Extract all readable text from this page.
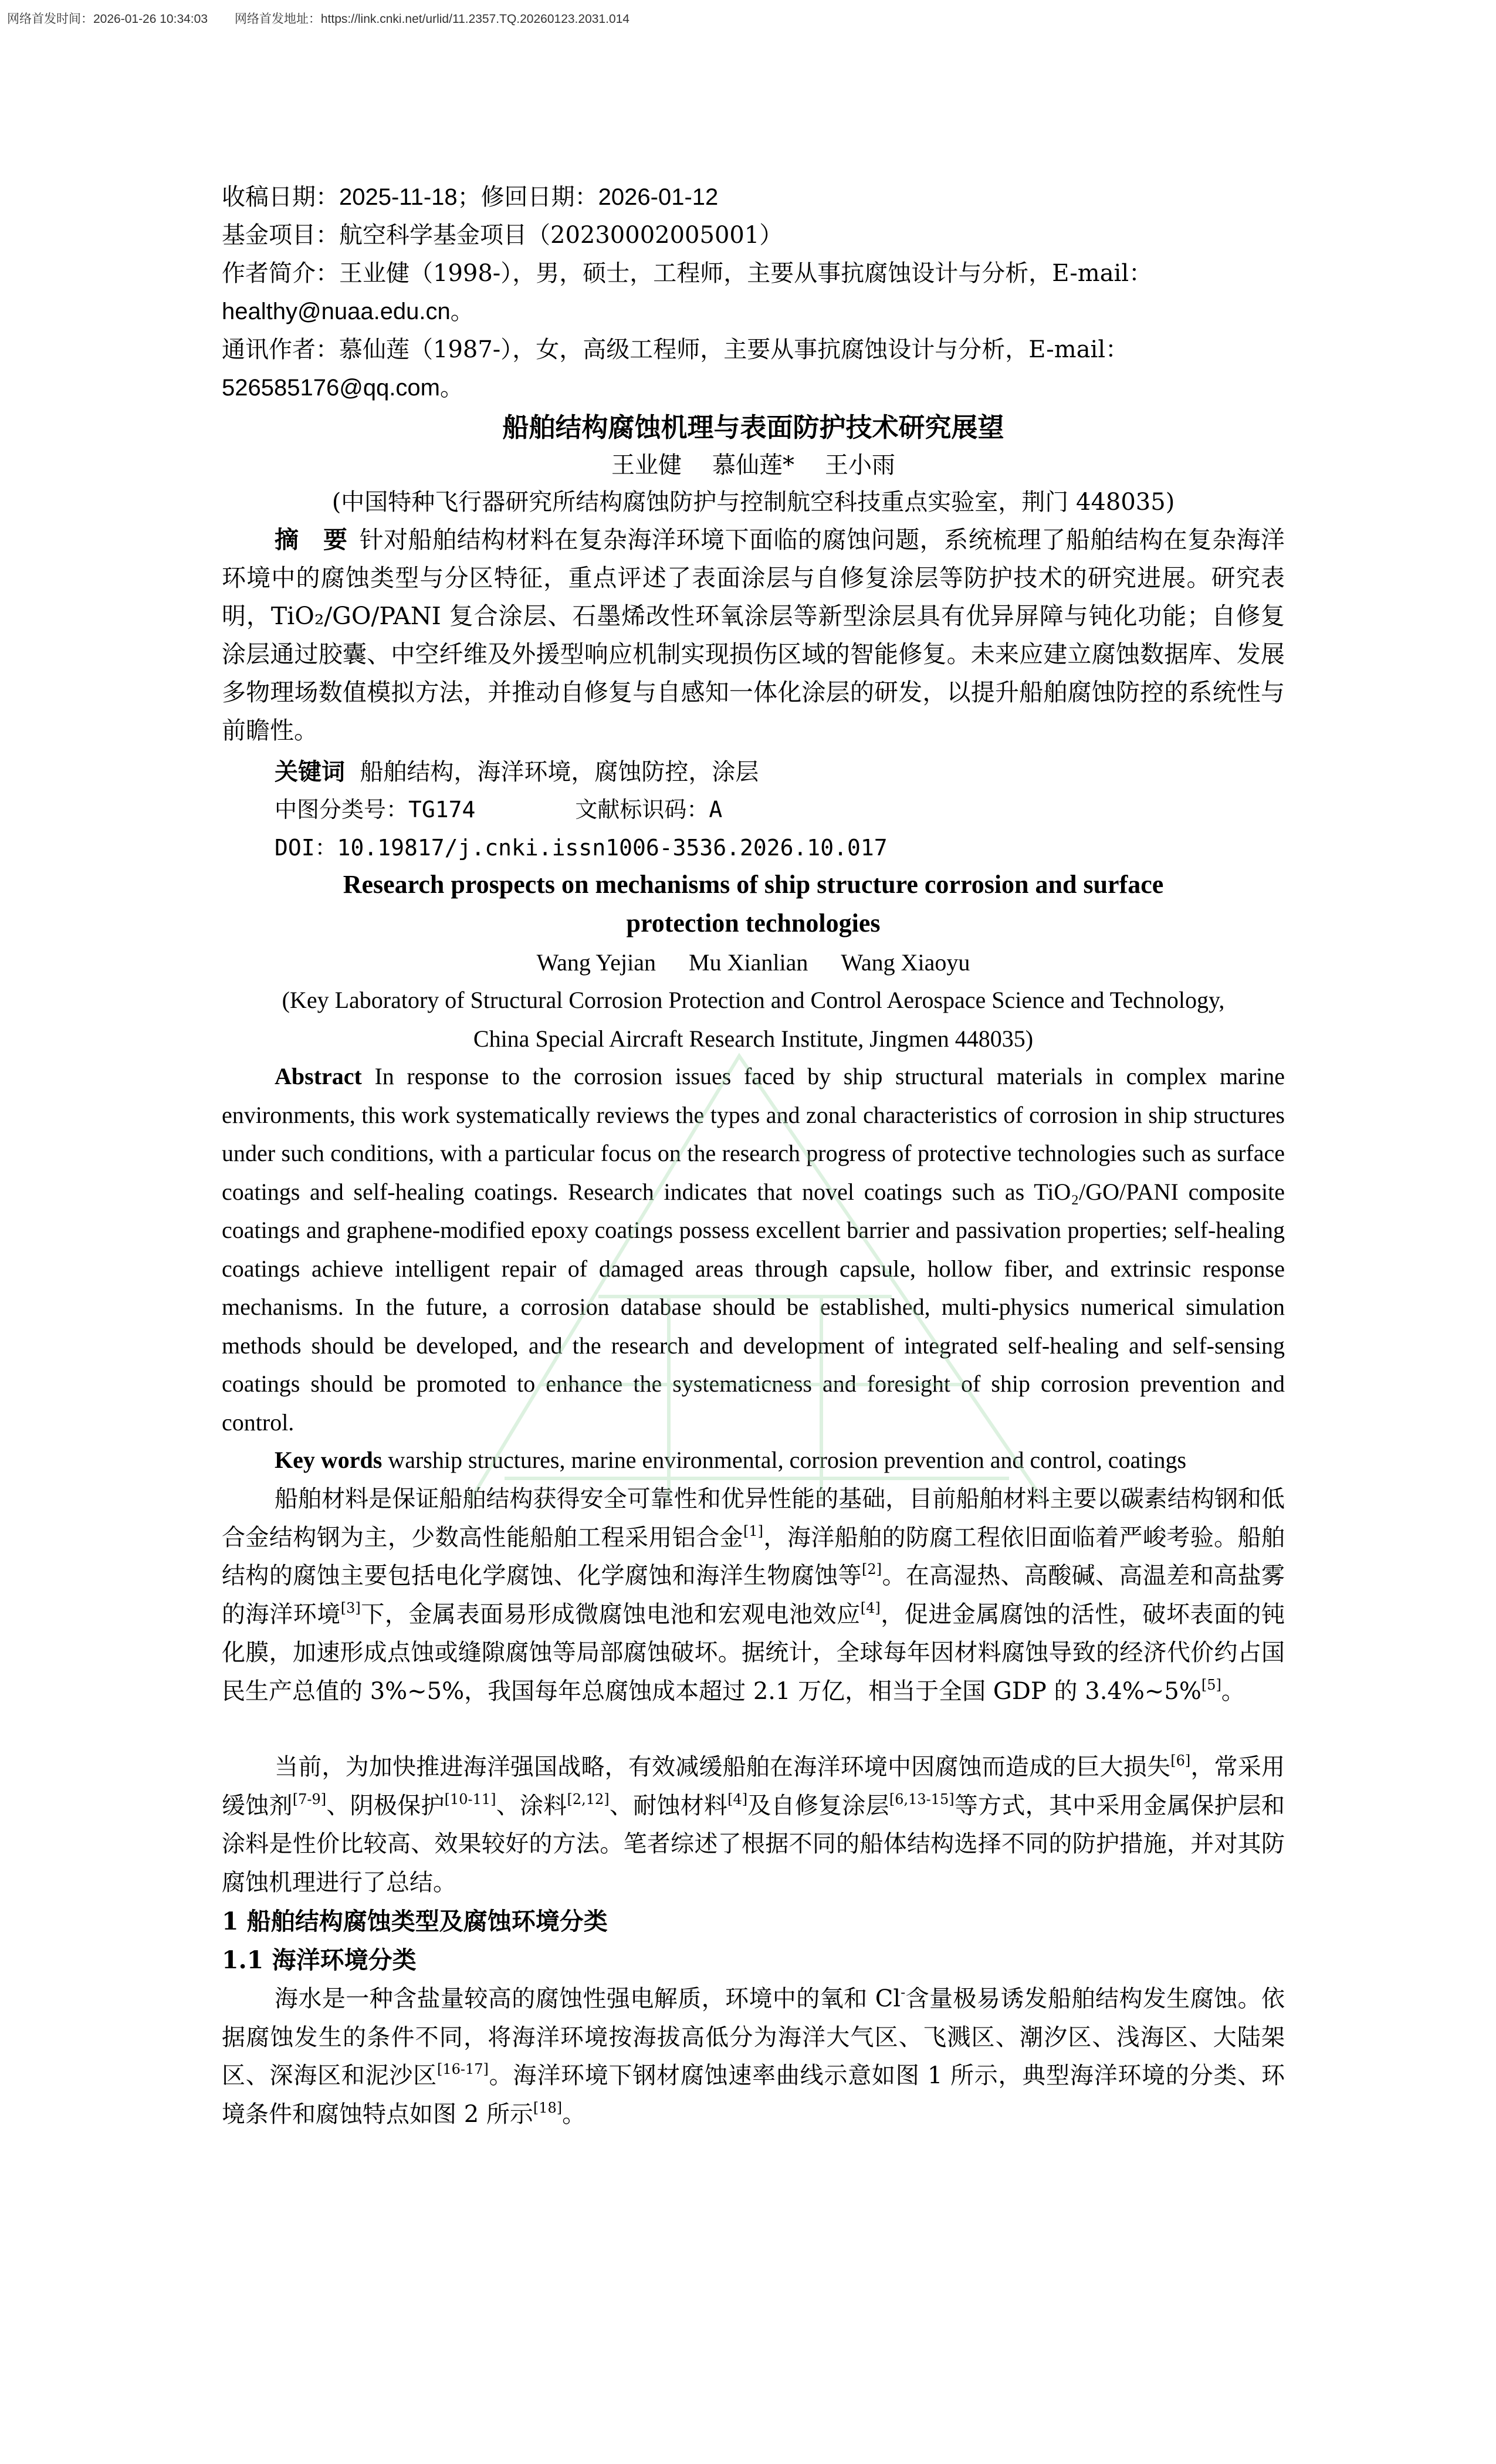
网络首发时间：2026-01-26 10:34:03 网络首发地址：https://link.cnki.net/urlid/11.2357.TQ.20260123.2031.014

收稿日期：2025-11-18；修回日期：2026-01-12

基金项目：航空科学基金项目（20230002005001）

作者简介：王业健（1998-），男，硕士，工程师，主要从事抗腐蚀设计与分析，E-mail：
healthy@nuaa.edu.cn。

通讯作者：慕仙莲（1987-），女，高级工程师，主要从事抗腐蚀设计与分析，E-mail：
526585176@qq.com。

船舶结构腐蚀机理与表面防护技术研究展望
王业健 慕仙莲* 王小雨
(中国特种飞行器研究所结构腐蚀防护与控制航空科技重点实验室，荆门 448035)
摘　要 针对船舶结构材料在复杂海洋环境下面临的腐蚀问题，系统梳理了船舶结构在复杂海洋环境中的腐蚀类型与分区特征，重点评述了表面涂层与自修复涂层等防护技术的研究进展。研究表明，TiO₂/GO/PANI 复合涂层、石墨烯改性环氧涂层等新型涂层具有优异屏障与钝化功能；自修复涂层通过胶囊、中空纤维及外援型响应机制实现损伤区域的智能修复。未来应建立腐蚀数据库、发展多物理场数值模拟方法，并推动自修复与自感知一体化涂层的研发，以提升船舶腐蚀防控的系统性与前瞻性。
关键词 船舶结构，海洋环境，腐蚀防控，涂层
中图分类号：TG174	文献标识码：A
DOI：10.19817/j.cnki.issn1006-3536.2026.10.017
Research prospects on mechanisms of ship structure corrosion and surface protection technologies
Wang Yejian Mu Xianlian Wang Xiaoyu
(Key Laboratory of Structural Corrosion Protection and Control Aerospace Science and Technology,
China Special Aircraft Research Institute, Jingmen 448035)
Abstract In response to the corrosion issues faced by ship structural materials in complex marine environments, this work systematically reviews the types and zonal characteristics of corrosion in ship structures under such conditions, with a particular focus on the research progress of protective technologies such as surface coatings and self-healing coatings. Research indicates that novel coatings such as TiO₂/GO/PANI composite coatings and graphene-modified epoxy coatings possess excellent barrier and passivation properties; self-healing coatings achieve intelligent repair of damaged areas through capsule, hollow fiber, and extrinsic response mechanisms. In the future, a corrosion database should be established, multi-physics numerical simulation methods should be developed, and the research and development of integrated self-healing and self-sensing coatings should be promoted to enhance the systematicness and foresight of ship corrosion prevention and control.
Key words warship structures, marine environmental, corrosion prevention and control, coatings
船舶材料是保证船舶结构获得安全可靠性和优异性能的基础，目前船舶材料主要以碳素结构钢和低合金结构钢为主，少数高性能船舶工程采用铝合金[1]，海洋船舶的防腐工程依旧面临着严峻考验。船舶结构的腐蚀主要包括电化学腐蚀、化学腐蚀和海洋生物腐蚀等[2]。在高湿热、高酸碱、高温差和高盐雾的海洋环境[3]下，金属表面易形成微腐蚀电池和宏观电池效应[4]，促进金属腐蚀的活性，破坏表面的钝化膜，加速形成点蚀或缝隙腐蚀等局部腐蚀破坏。据统计，全球每年因材料腐蚀导致的经济代价约占国民生产总值的 3%~5%，我国每年总腐蚀成本超过 2.1 万亿，相当于全国 GDP 的 3.4%~5%[5]。
当前，为加快推进海洋强国战略，有效减缓船舶在海洋环境中因腐蚀而造成的巨大损失[6]，常采用缓蚀剂[7-9]、阴极保护[10-11]、涂料[2,12]、耐蚀材料[4]及自修复涂层[6,13-15]等方式，其中采用金属保护层和涂料是性价比较高、效果较好的方法。笔者综述了根据不同的船体结构选择不同的防护措施，并对其防腐蚀机理进行了总结。
1 船舶结构腐蚀类型及腐蚀环境分类
1.1 海洋环境分类
海水是一种含盐量较高的腐蚀性强电解质，环境中的氧和 Cl-含量极易诱发船舶结构发生腐蚀。依据腐蚀发生的条件不同，将海洋环境按海拔高低分为海洋大气区、飞溅区、潮汐区、浅海区、大陆架区、深海区和泥沙区[16-17]。海洋环境下钢材腐蚀速率曲线示意如图 1 所示，典型海洋环境的分类、环境条件和腐蚀特点如图 2 所示[18]。
